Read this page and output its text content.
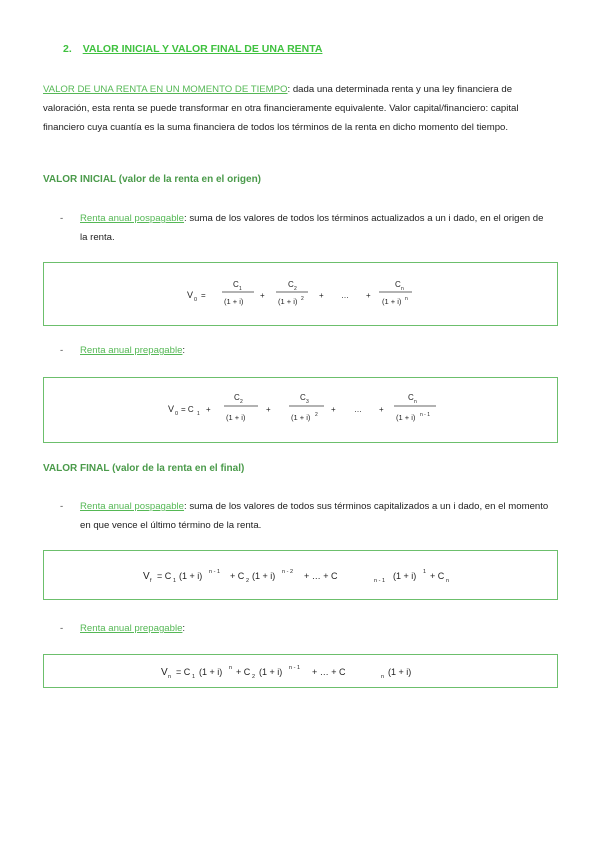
2. VALOR INICIAL Y VALOR FINAL DE UNA RENTA
VALOR DE UNA RENTA EN UN MOMENTO DE TIEMPO: dada una determinada renta y una ley financiera de valoración, esta renta se puede transformar en otra financieramente equivalente. Valor capital/financiero: capital financiero cuya cuantía es la suma financiera de todos los términos de la renta en dicho momento del tiempo.
VALOR INICIAL (valor de la renta en el origen)
- Renta anual pospagable: suma de los valores de todos los términos actualizados a un i dado, en el origen de la renta.
V 0 =
C 1
(1 + i)
+
C 2
(1 + i) 2 + … +
C n
(1 + i) n
- Renta anual prepagable:
V 0 = C 1 +
C 2
(1 + i)
+
C 3
(1 + i) 2
+ … +
C n
(1 + i) n - 1
VALOR FINAL (valor de la renta en el final)
- Renta anual pospagable: suma de los valores de todos sus términos capitalizados a un i dado, en el momento en que vence el último término de la renta.
V f = C 1 (1 + i) n - 1 + C 2 (1 + i) n - 2 + … + C	n - 1 (1 + i) 1 + C n
- Renta anual prepagable:
V n = C 1 (1 + i) n + C 2 (1 + i) n - 1 + … + C	n (1 + i)
